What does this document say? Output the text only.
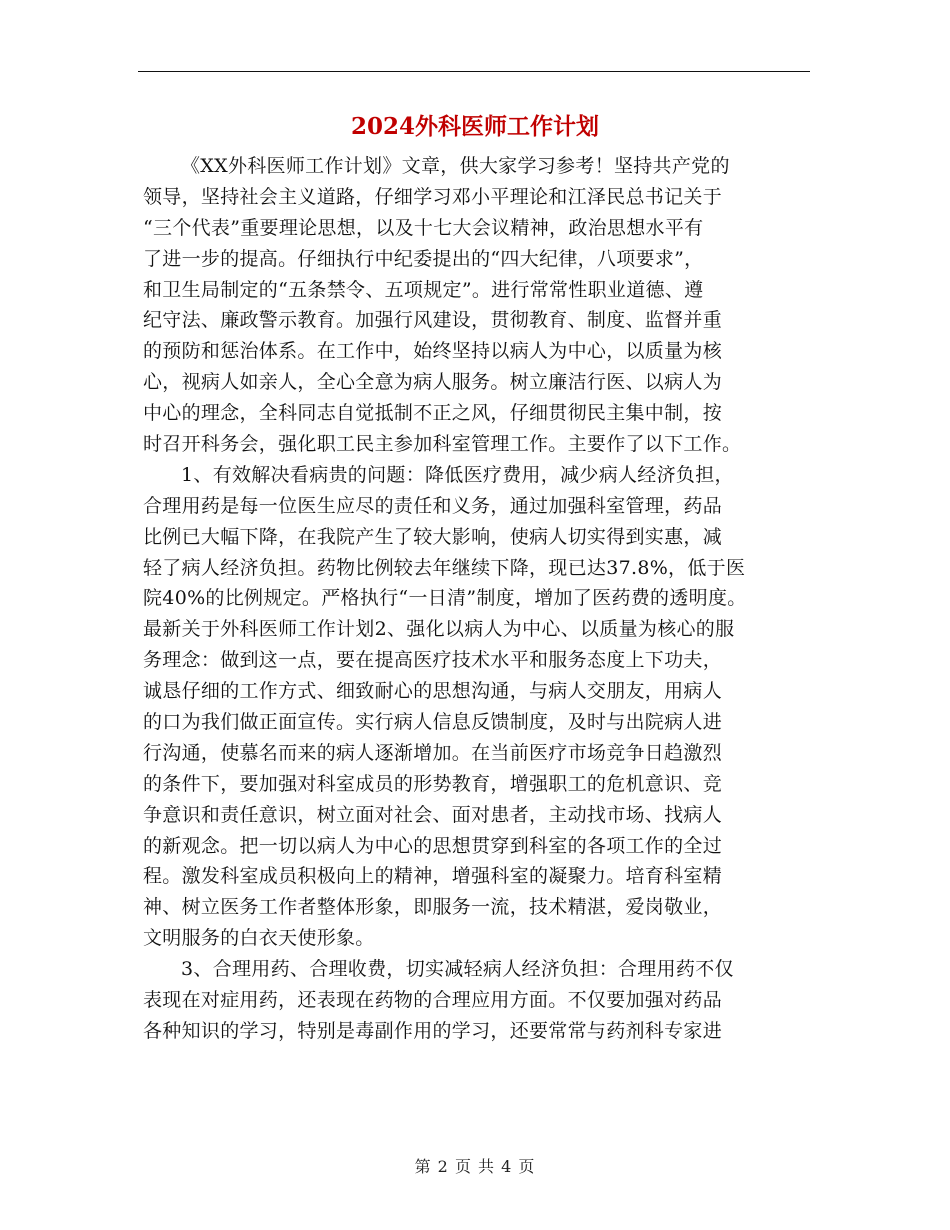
2024外科医师工作计划
《XX外科医师工作计划》文章，供大家学习参考！坚持共产党的
领导，坚持社会主义道路，仔细学习邓小平理论和江泽民总书记关于
“三个代表”重要理论思想，以及十七大会议精神，政治思想水平有
了进一步的提高。仔细执行中纪委提出的“四大纪律，八项要求”，
和卫生局制定的“五条禁令、五项规定”。进行常常性职业道德、遵
纪守法、廉政警示教育。加强行风建设，贯彻教育、制度、监督并重
的预防和惩治体系。在工作中，始终坚持以病人为中心，以质量为核
心，视病人如亲人，全心全意为病人服务。树立廉洁行医、以病人为
中心的理念，全科同志自觉抵制不正之风，仔细贯彻民主集中制，按
时召开科务会，强化职工民主参加科室管理工作。主要作了以下工作。
1、有效解决看病贵的问题：降低医疗费用，减少病人经济负担，
合理用药是每一位医生应尽的责任和义务，通过加强科室管理，药品
比例已大幅下降，在我院产生了较大影响，使病人切实得到实惠，减
轻了病人经济负担。药物比例较去年继续下降，现已达37.8%，低于医
院40%的比例规定。严格执行“一日清”制度，增加了医药费的透明度。
最新关于外科医师工作计划2、强化以病人为中心、以质量为核心的服
务理念：做到这一点，要在提高医疗技术水平和服务态度上下功夫，
诚恳仔细的工作方式、细致耐心的思想沟通，与病人交朋友，用病人
的口为我们做正面宣传。实行病人信息反馈制度，及时与出院病人进
行沟通，使慕名而来的病人逐渐增加。在当前医疗市场竞争日趋激烈
的条件下，要加强对科室成员的形势教育，增强职工的危机意识、竞
争意识和责任意识，树立面对社会、面对患者，主动找市场、找病人
的新观念。把一切以病人为中心的思想贯穿到科室的各项工作的全过
程。激发科室成员积极向上的精神，增强科室的凝聚力。培育科室精
神、树立医务工作者整体形象，即服务一流，技术精湛，爱岗敬业，
文明服务的白衣天使形象。
3、合理用药、合理收费，切实减轻病人经济负担：合理用药不仅
表现在对症用药，还表现在药物的合理应用方面。不仅要加强对药品
各种知识的学习，特别是毒副作用的学习，还要常常与药剂科专家进
第 2 页 共 4 页
